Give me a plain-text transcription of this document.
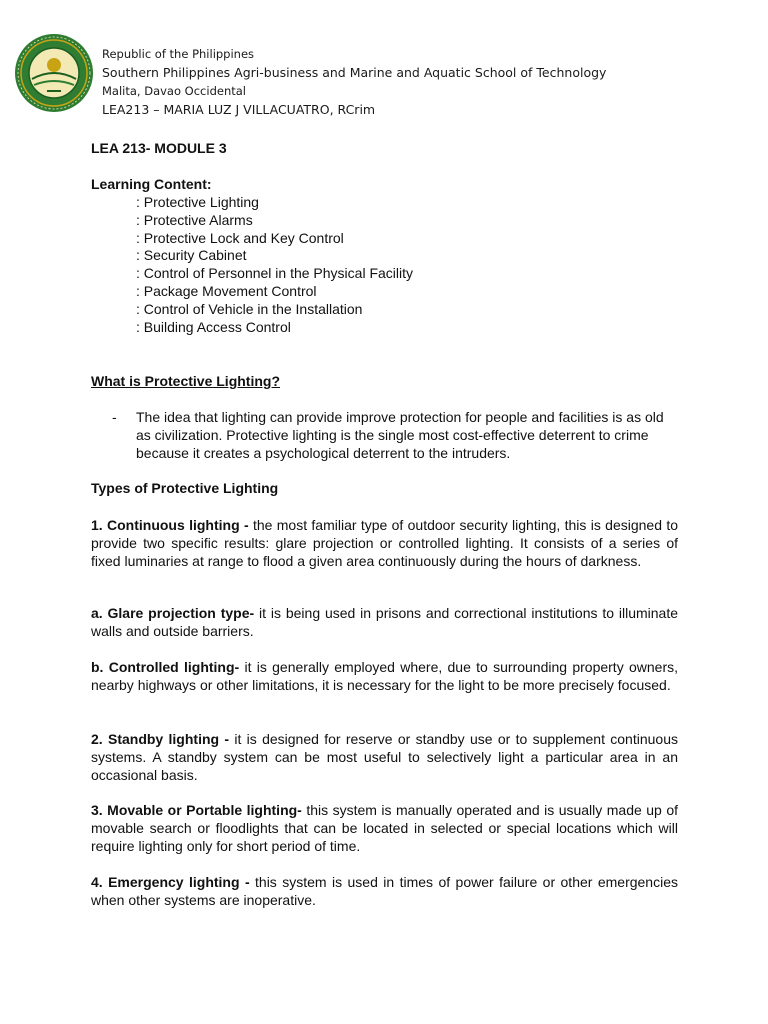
Republic of the Philippines
Southern Philippines Agri-business and Marine and Aquatic School of Technology
Malita, Davao Occidental
LEA213 – MARIA LUZ J VILLACUATRO, RCrim
LEA 213- MODULE 3
Learning Content:
: Protective Lighting
: Protective Alarms
: Protective Lock and Key Control
: Security Cabinet
: Control of Personnel in the Physical Facility
: Package Movement Control
: Control of Vehicle in the Installation
: Building Access Control
What is Protective Lighting?
- The idea that lighting can provide improve protection for people and facilities is as old as civilization. Protective lighting is the single most cost-effective deterrent to crime because it creates a psychological deterrent to the intruders.
Types of Protective Lighting
1. Continuous lighting - the most familiar type of outdoor security lighting, this is designed to provide two specific results: glare projection or controlled lighting. It consists of a series of fixed luminaries at range to flood a given area continuously during the hours of darkness.
a. Glare projection type- it is being used in prisons and correctional institutions to illuminate walls and outside barriers.
b. Controlled lighting- it is generally employed where, due to surrounding property owners, nearby highways or other limitations, it is necessary for the light to be more precisely focused.
2. Standby lighting - it is designed for reserve or standby use or to supplement continuous systems. A standby system can be most useful to selectively light a particular area in an occasional basis.
3. Movable or Portable lighting- this system is manually operated and is usually made up of movable search or floodlights that can be located in selected or special locations which will require lighting only for short period of time.
4. Emergency lighting - this system is used in times of power failure or other emergencies when other systems are inoperative.
